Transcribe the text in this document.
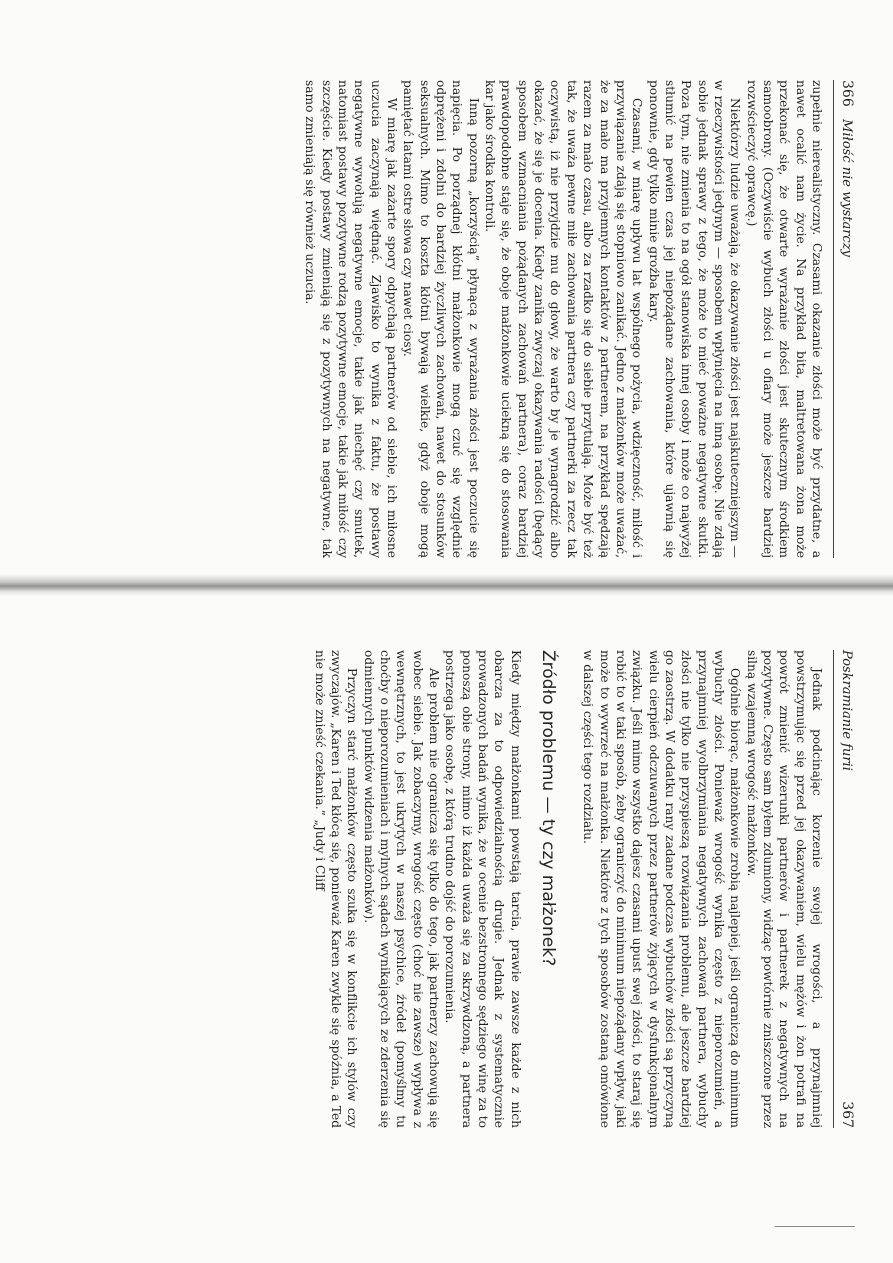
366   Miłość nie wystarczy

zupełnie nierealistyczny. Czasami okazanie złości może być przydatne, a nawet ocalić nam życie. Na przykład bita, maltretowana żona może przekonać się, że otwarte wyrażanie złości jest skutecznym środkiem samoobrony. (Oczywiście wybuch złości u ofiary może jeszcze bardziej rozwścieczyć oprawcę.)

Niektórzy ludzie uważają, że okazywanie złości jest najskuteczniejszym — w rzeczywistości jedynym — sposobem wpłynięcia na inną osobę. Nie zdają sobie jednak sprawy z tego, że może to mieć poważne negatywne skutki. Poza tym, nie zmienia to na ogół stanowiska innej osoby i może co najwyżej stłumić na pewien czas jej niepożądane zachowania, które ujawnią się ponownie, gdy tylko minie groźba kary.

Czasami, w miarę upływu lat wspólnego pożycia, wdzięczność, miłość i przywiązanie zdają się stopniowo zanikać. Jedno z małżonków może uważać, że za mało ma przyjemnych kontaktów z partnerem, na przykład spędzają razem za mało czasu, albo za rzadko się do siebie przytulają. Może być też tak, że uważa pewne miłe zachowania partnera czy partnerki za rzecz tak oczywistą, iż nie przyjdzie mu do głowy, że warto by je wynagrodzić albo okazać, że się je docenia. Kiedy zanika zwyczaj okazywania radości (będący sposobem wzmacniania pożądanych zachowań partnera), coraz bardziej prawdopodobne staje się, że oboje małżonkowie uciekną się do stosowania kar jako środka kontroli.

Inną pozorną „korzyścią” płynącą z wyrażania złości jest poczucie się napięcia. Po porządnej kłótni małżonkowie mogą czuć się względnie odprężeni i zdolni do bardziej życzliwych zachowań, nawet do stosunków seksualnych. Mimo to koszta kłótni bywają wielkie, gdyż oboje mogą pamiętać latami ostre słowa czy nawet ciosy.

W miarę jak zażarte spory odpychają partnerów od siebie, ich miłosne uczucia zaczynają więdnąć. Zjawisko to wynika z faktu, że postawy negatywne wywołują negatywne emocje, takie jak niechęć czy smutek, natomiast postawy pozytywne rodzą pozytywne emocje, takie jak miłość czy szczęście. Kiedy postawy zmieniają się z pozytywnych na negatywne, tak samo zmieniają się również uczucia.

Poskramianie furii
367

Jednak podcinając korzenie swojej wrogości, a przynajmniej powstrzymując się przed jej okazywaniem, wielu mężów i żon potrafi na powrót zmienić wizerunki partnerów i partnerek z negatywnych na pozytywne. Często sam byłem zdumiony, widząc powtórnie zniszczone przez silną wzajemną wrogość małżonków.

Ogólnie biorąc, małżonkowie zrobią najlepiej, jeśli ograniczą do minimum wybuchy złości. Ponieważ wrogość wynika często z nieporozumień, a przynajmniej wyolbrzymiania negatywnych zachowań partnera, wybuchy złości nie tylko nie przyspieszą rozwiązania problemu, ale jeszcze bardziej go zaostrzą. W dodatku rany zadane podczas wybuchów złości są przyczyną wielu cierpień odczuwanych przez partnerów żyjących w dysfunkcjonalnym związku. Jeśli mimo wszystko dajesz czasami upust swej złości, to staraj się robić to w taki sposób, żeby ograniczyć do minimum niepożądany wpływ, jaki może to wywrzeć na małżonka. Niektóre z tych sposobów zostaną omówione w dalszej części tego rozdziału.

Źródło problemu — ty czy małżonek?

Kiedy między małżonkami powstają tarcia, prawie zawsze każde z nich obarcza za to odpowiedzialnością drugie. Jednak z systematycznie prowadzonych badań wynika, że w ocenie bezstronnego sędziego winę za to ponoszą obie strony, mimo iż każda uważa się za skrzywdzoną, a partnera postrzega jako osobę, z którą trudno dojść do porozumienia.

Ale problem nie ogranicza się tylko do tego, jak partnerzy zachowują się wobec siebie. Jak zobaczymy, wrogość często (choć nie zawsze) wypływa z wewnętrznych, to jest ukrytych w naszej psychice, źródeł (pomyślmy tu choćby o nieporozumieniach i mylnych sądach wynikających ze zderzenia się odmiennych punktów widzenia małżonków).

Przyczyn starć małżonków często szuka się w konflikcie ich stylów czy zwyczajów. „Karen i Ted kłócą się, ponieważ Karen zwykle się spóźnia, a Ted nie może znieść czekania.” „Judy i Cliff
